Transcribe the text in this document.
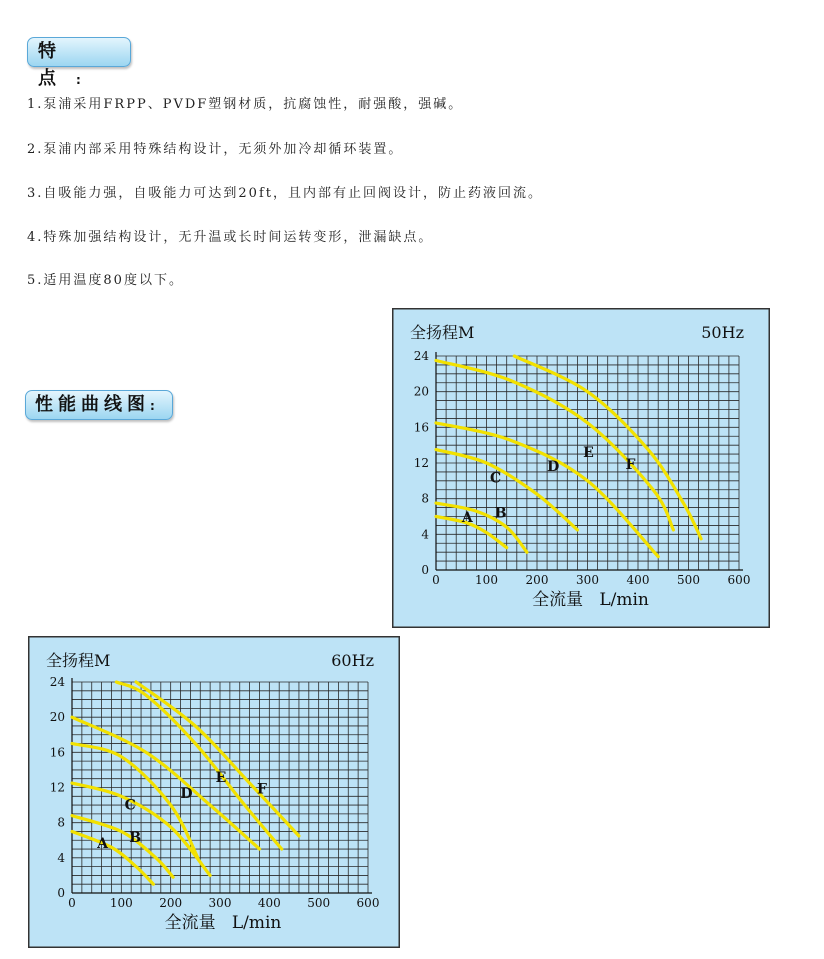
特 点:
1.泵浦采用FRPP、PVDF塑钢材质，抗腐蚀性，耐强酸，强碱。
2.泵浦内部采用特殊结构设计，无须外加冷却循环装置。
3.自吸能力强，自吸能力可达到20ft，且内部有止回阀设计，防止药液回流。
4.特殊加强结构设计，无升温或长时间运转变形，泄漏缺点。
5.适用温度80度以下。
性能曲线图:
0
4
8
12
16
20
24
0	100 200 300 400 500 600
全扬程M	50Hz
全流量   L/min
A B
C
D
E
F
0
4
8
12
16
20
24
0	100 200 300 400 500 600
全扬程M	60Hz
全流量   L/min
A B
C
D
E
F
